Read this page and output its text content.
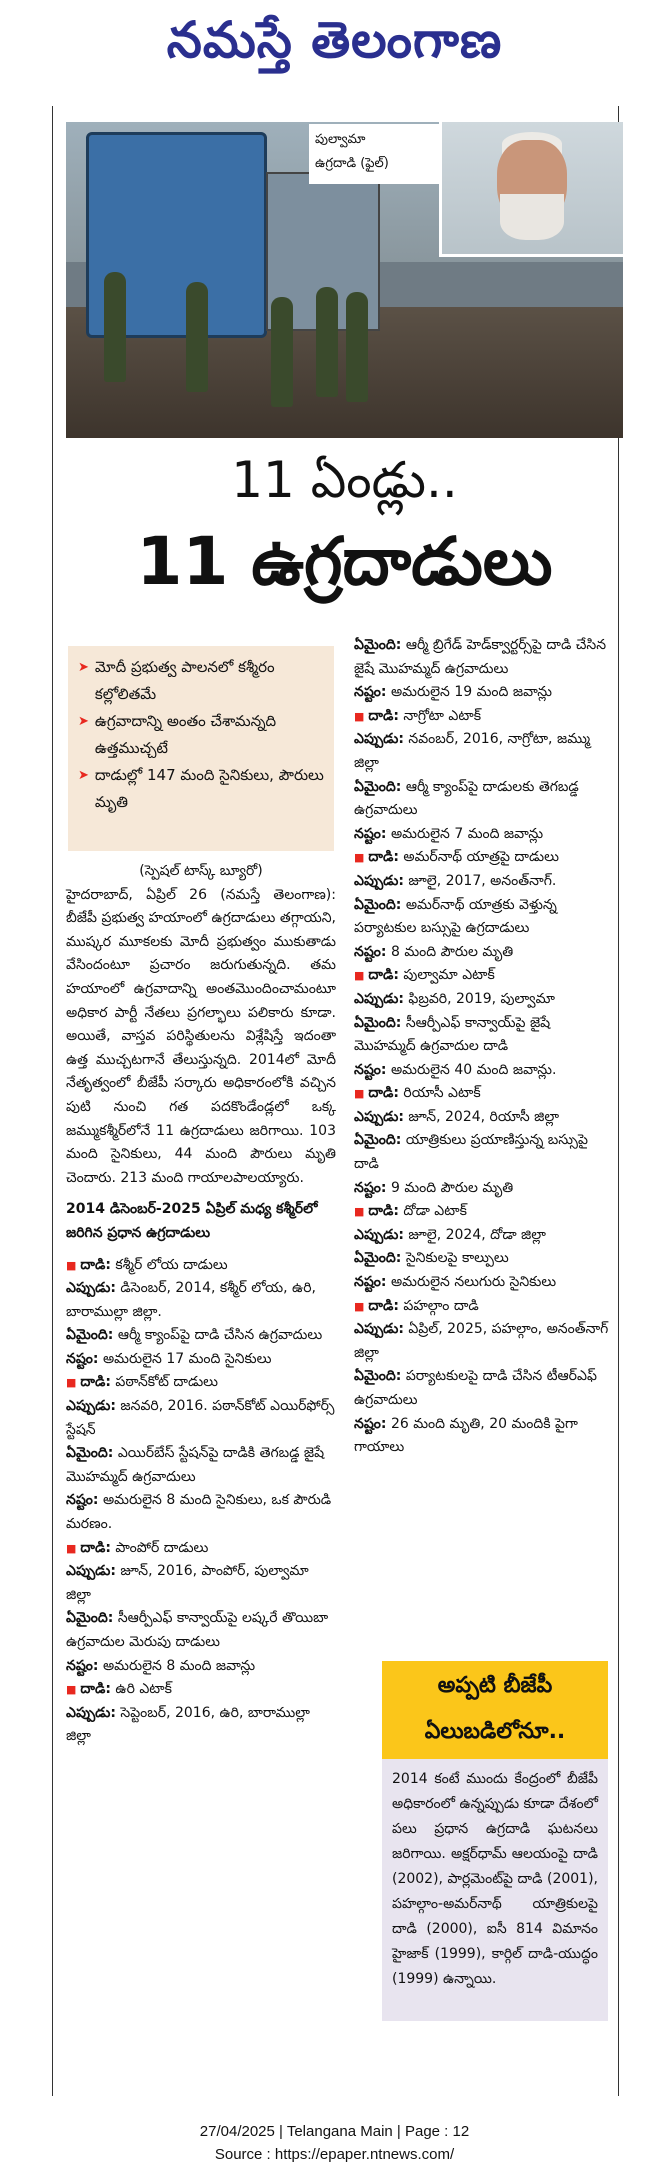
నమస్తే తెలంగాణ
పుల్వామా
ఉగ్రదాడి (ఫైల్)
11 ఏండ్లు..
11 ఉగ్రదాడులు
➤ మోదీ ప్రభుత్వ పాలనలో కశ్మీరం కల్లోలితమే
➤ ఉగ్రవాదాన్ని అంతం చేశామన్నది ఉత్తముచ్చటే
➤ దాడుల్లో 147 మంది సైనికులు, పౌరులు మృతి

(స్పెషల్ టాస్క్ బ్యూరో)

హైదరాబాద్, ఏప్రిల్ 26 (నమస్తే తెలంగాణ): బీజేపీ ప్రభుత్వ హయాంలో ఉగ్రదాడులు తగ్గాయని, ముష్కర మూకలకు మోదీ ప్రభుత్వం ముకుతాడు వేసిందంటూ ప్రచారం జరుగుతున్నది. తమ హయాంలో ఉగ్రవాదాన్ని అంతమొందించామంటూ అధికార పార్టీ నేతలు ప్రగల్భాలు పలికారు కూడా. అయితే, వాస్తవ పరిస్థితులను విశ్లేషిస్తే ఇదంతా ఉత్త ముచ్చటగానే తేలుస్తున్నది. 2014లో మోదీ నేతృత్వంలో బీజేపీ సర్కారు అధికారంలోకి వచ్చిన పుటి నుంచి గత పదకొండేండ్లలో ఒక్క జమ్ముకశ్మీర్‌లోనే 11 ఉగ్రదాడులు జరిగాయి. 103 మంది సైనికులు, 44 మంది పౌరులు మృతి చెందారు. 213 మంది గాయాలపాలయ్యారు.

2014 డిసెంబర్-2025 ఏప్రిల్ మధ్య కశ్మీర్‌లో జరిగిన ప్రధాన ఉగ్రదాడులు

■ దాడి: కశ్మీర్ లోయ దాడులు

ఎప్పుడు: డిసెంబర్, 2014, కశ్మీర్ లోయ, ఉరి, బారాముల్లా జిల్లా.

ఏమైంది: ఆర్మీ క్యాంప్‌పై దాడి చేసిన ఉగ్రవాదులు

నష్టం: అమరులైన 17 మంది సైనికులు

■ దాడి: పఠాన్‌కోట్ దాడులు

ఎప్పుడు: జనవరి, 2016. పఠాన్‌కోట్ ఎయిర్‌ఫోర్స్ స్టేషన్

ఏమైంది: ఎయిర్‌బేస్ స్టేషన్‌పై దాడికి తెగబడ్డ జైషే మొహమ్మద్ ఉగ్రవాదులు

నష్టం: అమరులైన 8 మంది సైనికులు, ఒక పౌరుడి మరణం.

■ దాడి: పాంపోర్ దాడులు

ఎప్పుడు: జూన్, 2016, పాంపోర్, పుల్వామా జిల్లా

ఏమైంది: సీఆర్పీఎఫ్ కాన్వాయ్‌పై లష్కరే తొయిబా ఉగ్రవాదుల మెరుపు దాడులు

నష్టం: అమరులైన 8 మంది జవాన్లు

■ దాడి: ఉరి ఎటాక్

ఎప్పుడు: సెప్టెంబర్, 2016, ఉరి, బారాముల్లా జిల్లా

ఏమైంది: ఆర్మీ బ్రిగేడ్ హెడ్‌క్వార్టర్స్‌పై దాడి చేసిన జైషే మొహమ్మద్ ఉగ్రవాదులు

నష్టం: అమరులైన 19 మంది జవాన్లు

■ దాడి: నాగ్రోటా ఎటాక్

ఎప్పుడు: నవంబర్, 2016, నాగ్రోటా, జమ్ము జిల్లా

ఏమైంది: ఆర్మీ క్యాంప్‌పై దాడులకు తెగబడ్డ ఉగ్రవాదులు

నష్టం: అమరులైన 7 మంది జవాన్లు

■ దాడి: అమర్‌నాథ్ యాత్రపై దాడులు

ఎప్పుడు: జూలై, 2017, అనంత్‌నాగ్.

ఏమైంది: అమర్‌నాథ్ యాత్రకు వెళ్తున్న పర్యాటకుల బస్సుపై ఉగ్రదాడులు

నష్టం: 8 మంది పౌరుల మృతి

■ దాడి: పుల్వామా ఎటాక్

ఎప్పుడు: ఫిబ్రవరి, 2019, పుల్వామా

ఏమైంది: సీఆర్పీఎఫ్ కాన్వాయ్‌పై జైషే మొహమ్మద్ ఉగ్రవాదుల దాడి

నష్టం: అమరులైన 40 మంది జవాన్లు.

■ దాడి: రియాసీ ఎటాక్

ఎప్పుడు: జూన్, 2024, రియాసీ జిల్లా

ఏమైంది: యాత్రికులు ప్రయాణిస్తున్న బస్సుపై దాడి

నష్టం: 9 మంది పౌరుల మృతి

■ దాడి: దోడా ఎటాక్

ఎప్పుడు: జూలై, 2024, దోడా జిల్లా

ఏమైంది: సైనికులపై కాల్పులు

నష్టం: అమరులైన నలుగురు సైనికులు

■ దాడి: పహల్గాం దాడి

ఎప్పుడు: ఏప్రిల్, 2025, పహల్గాం, అనంత్‌నాగ్ జిల్లా

ఏమైంది: పర్యాటకులపై దాడి చేసిన టీఆర్‌ఎఫ్ ఉగ్రవాదులు

నష్టం: 26 మంది మృతి, 20 మందికి పైగా గాయాలు

అప్పటి బీజేపీ ఏలుబడిలోనూ..
2014 కంటే ముందు కేంద్రంలో బీజేపీ అధికారంలో ఉన్నప్పుడు కూడా దేశంలో పలు ప్రధాన ఉగ్రదాడి ఘటనలు జరిగాయి. అక్షర్‌ధామ్ ఆలయంపై దాడి (2002), పార్లమెంట్‌పై దాడి (2001), పహల్గాం-అమర్‌నాథ్ యాత్రికులపై దాడి (2000), ఐసీ 814 విమానం హైజాక్ (1999), కార్గిల్ దాడి-యుద్ధం (1999) ఉన్నాయి.
27/04/2025 | Telangana Main | Page : 12
Source : https://epaper.ntnews.com/
